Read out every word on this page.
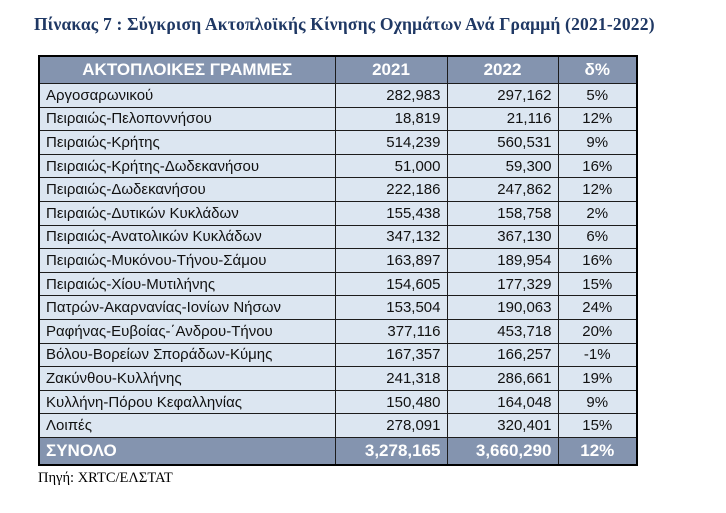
Πίνακας 7 : Σύγκριση Ακτοπλοϊκής Κίνησης Οχημάτων Ανά Γραμμή (2021-2022)
ΑΚΤΟΠΛΟΙΚΕΣ ΓΡΑΜΜΕΣ	2021	2022	δ%
Αργοσαρωνικού	282,983	297,162	5%
Πειραιώς-Πελοποννήσου	18,819	21,116	12%
Πειραιώς-Κρήτης	514,239	560,531	9%
Πειραιώς-Κρήτης-Δωδεκανήσου	51,000	59,300	16%
Πειραιώς-Δωδεκανήσου	222,186	247,862	12%
Πειραιώς-Δυτικών Κυκλάδων	155,438	158,758	2%
Πειραιώς-Ανατολικών Κυκλάδων	347,132	367,130	6%
Πειραιώς-Μυκόνου-Τήνου-Σάμου	163,897	189,954	16%
Πειραιώς-Χίου-Μυτιλήνης	154,605	177,329	15%
Πατρών-Ακαρνανίας-Ιονίων Νήσων	153,504	190,063	24%
Ραφήνας-Ευβοίας-΄Ανδρου-Τήνου	377,116	453,718	20%
Βόλου-Βορείων Σποράδων-Κύμης	167,357	166,257	-1%
Ζακύνθου-Κυλλήνης	241,318	286,661	19%
Κυλλήνη-Πόρου Κεφαλληνίας	150,480	164,048	9%
Λοιπές	278,091	320,401	15%
ΣΥΝΟΛΟ	3,278,165	3,660,290	12%
Πηγή: XRTC/ΕΛΣΤΑΤ
